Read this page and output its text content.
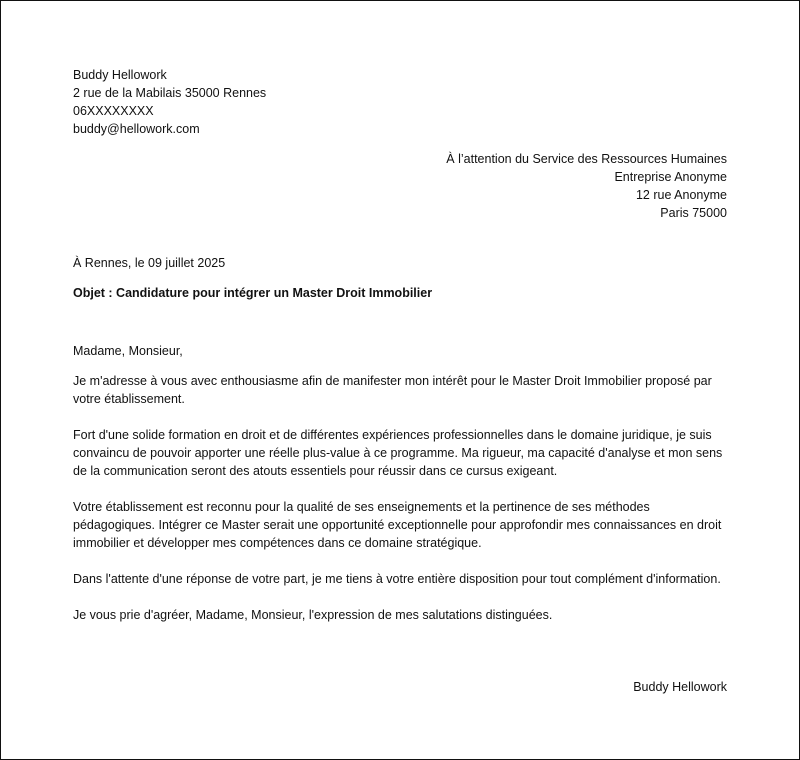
Buddy Hellowork
2 rue de la Mabilais 35000 Rennes
06XXXXXXXX
buddy@hellowork.com
À l’attention du Service des Ressources Humaines
Entreprise Anonyme
12 rue Anonyme
Paris 75000
À Rennes, le 09 juillet 2025
Objet : Candidature pour intégrer un Master Droit Immobilier

Madame, Monsieur,

Je m'adresse à vous avec enthousiasme afin de manifester mon intérêt pour le Master Droit Immobilier proposé par votre établissement.

Fort d'une solide formation en droit et de différentes expériences professionnelles dans le domaine juridique, je suis convaincu de pouvoir apporter une réelle plus-value à ce programme. Ma rigueur, ma capacité d'analyse et mon sens de la communication seront des atouts essentiels pour réussir dans ce cursus exigeant.

Votre établissement est reconnu pour la qualité de ses enseignements et la pertinence de ses méthodes pédagogiques. Intégrer ce Master serait une opportunité exceptionnelle pour approfondir mes connaissances en droit immobilier et développer mes compétences dans ce domaine stratégique.

Dans l'attente d'une réponse de votre part, je me tiens à votre entière disposition pour tout complément d'information.

Je vous prie d'agréer, Madame, Monsieur, l'expression de mes salutations distinguées.

Buddy Hellowork
